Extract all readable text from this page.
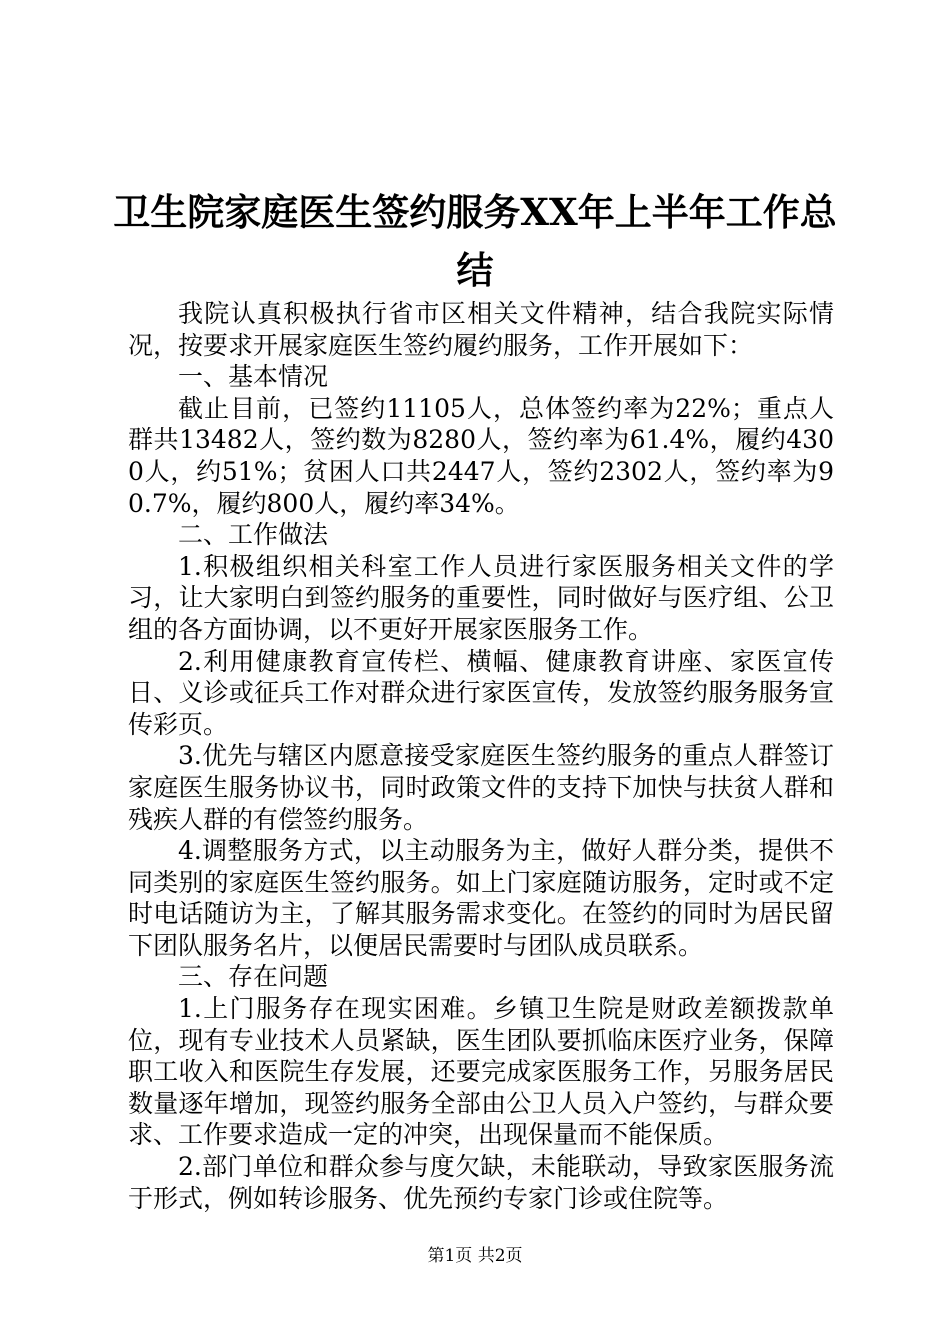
卫生院家庭医生签约服务XX年上半年工作总
结

我院认真积极执行省市区相关文件精神，结合我院实际情况，按要求开展家庭医生签约履约服务，工作开展如下：

一、基本情况

截止目前，已签约11105人，总体签约率为22%；重点人群共13482人，签约数为8280人，签约率为61.4%，履约4300人，约51%；贫困人口共2447人，签约2302人，签约率为90.7%，履约800人，履约率34%。

二、工作做法

1.积极组织相关科室工作人员进行家医服务相关文件的学习，让大家明白到签约服务的重要性，同时做好与医疗组、公卫组的各方面协调，以不更好开展家医服务工作。

2.利用健康教育宣传栏、横幅、健康教育讲座、家医宣传日、义诊或征兵工作对群众进行家医宣传，发放签约服务服务宣传彩页。

3.优先与辖区内愿意接受家庭医生签约服务的重点人群签订家庭医生服务协议书，同时政策文件的支持下加快与扶贫人群和残疾人群的有偿签约服务。

4.调整服务方式，以主动服务为主，做好人群分类，提供不同类别的家庭医生签约服务。如上门家庭随访服务，定时或不定时电话随访为主，了解其服务需求变化。在签约的同时为居民留下团队服务名片，以便居民需要时与团队成员联系。

三、存在问题

1.上门服务存在现实困难。乡镇卫生院是财政差额拨款单位，现有专业技术人员紧缺，医生团队要抓临床医疗业务，保障职工收入和医院生存发展，还要完成家医服务工作，另服务居民数量逐年增加，现签约服务全部由公卫人员入户签约，与群众要求、工作要求造成一定的冲突，出现保量而不能保质。

2.部门单位和群众参与度欠缺，未能联动，导致家医服务流于形式，例如转诊服务、优先预约专家门诊或住院等。

第1页 共2页
